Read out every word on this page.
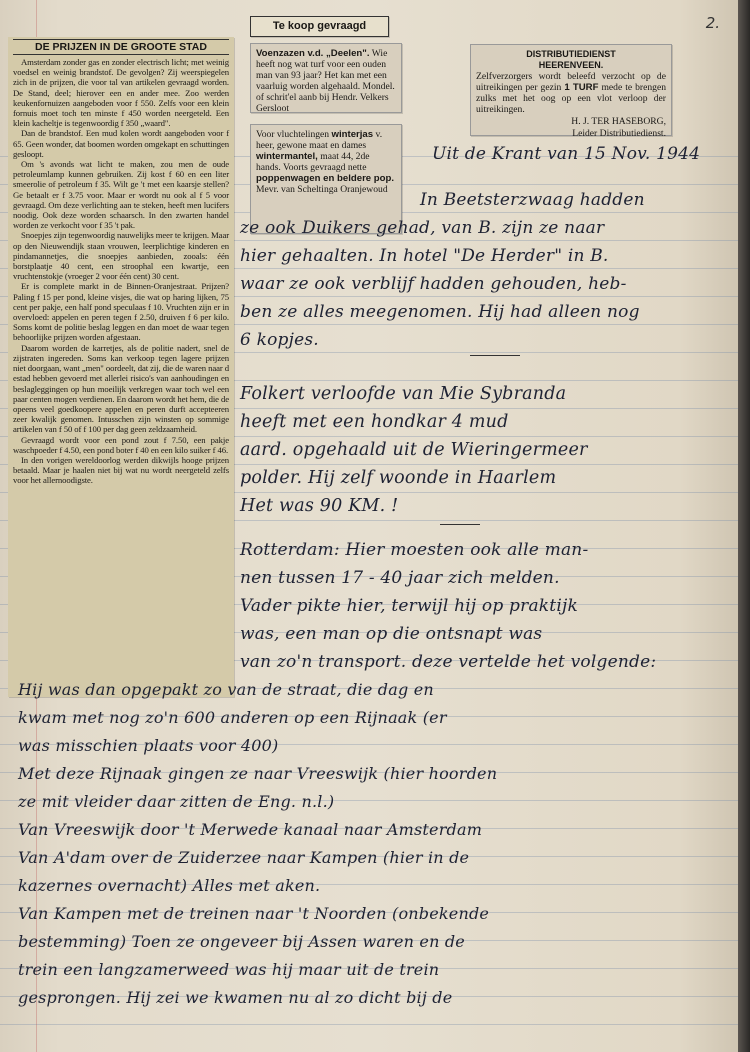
2.
DE PRIJZEN IN DE GROOTE STAD

Amsterdam zonder gas en zonder electrisch licht; met weinig voedsel en weinig brandstof. De gevolgen? Zij weerspiegelen zich in de prijzen, die voor tal van artikelen gevraagd worden. De Stand, deel; hierover een en ander mee. Zoo werden keukenfornuizen aangeboden voor f 550. Zelfs voor een klein fornuis moet toch ten minste f 450 worden neergeteld. Een klein kacheltje is tegenwoordig f 350 „waard".

Dan de brandstof. Een mud kolen wordt aangeboden voor f 65. Geen wonder, dat boomen worden omgekapt en schuttingen gesloopt.

Om 's avonds wat licht te maken, zou men de oude petroleumlamp kunnen gebruiken. Zij kost f 60 en een liter smeerolie of petroleum f 35. Wilt ge 't met een kaarsje stellen? Ge betaalt er f 3.75 voor. Maar er wordt nu ook al f 5 voor gevraagd. Om deze verlichting aan te steken, heeft men lucifers noodig. Ook deze worden schaarsch. In den zwarten handel worden ze verkocht voor f 35 't pak.

Snoepjes zijn tegenwoordig nauwelijks meer te krijgen. Maar op den Nieuwendijk staan vrouwen, leerplichtige kinderen en pindamannetjes, die snoepjes aanbieden, zooals: één borstplaatje 40 cent, een stroophal een kwartje, een vruchtenstokje (vroeger 2 voor één cent) 30 cent.

Er is complete markt in de Binnen-Oranjestraat. Prijzen? Paling f 15 per pond, kleine visjes, die wat op haring lijken, 75 cent per pakje, een half pond speculaas f 10. Vruchten zijn er in overvloed: appelen en peren tegen f 2.50, druiven f 6 per kilo. Soms komt de politie beslag leggen en dan moet de waar tegen behoorlijke prijzen worden afgestaan.

Daarom worden de karretjes, als de politie nadert, snel de zijstraten ingereden. Soms kan verkoop tegen lagere prijzen niet doorgaan, want „men" oordeelt, dat zij, die de waren naar d estad hebben gevoerd met allerlei risico's van aanhoudingen en beslagleggingen op hun moeilijk verkregen waar toch wel een paar centen mogen verdienen. En daarom wordt het hem, die de opeens veel goedkoopere appelen en peren durft accepteeren zeer kwalijk genomen. Intusschen zijn winsten op sommige artikelen van f 50 of f 100 per dag geen zeldzaamheid.

Gevraagd wordt voor een pond zout f 7.50, een pakje waschpoeder f 4.50, een pond boter f 40 en een kilo suiker f 46.

In den vorigen wereldoorlog werden dikwijls hooge prijzen betaald. Maar je haalen niet bij wat nu wordt neergeteld zelfs voor het allernoodigste.

Te koop gevraagd
Voenzazen v.d. „Deelen". Wie heeft nog wat turf voor een ouden man van 93 jaar? Het kan met een vaarluig worden algehaald. Mondel. of schrit'el aanb bij Hendr. Velkers Gersloot
Voor vluchtelingen winterjas v. heer, gewone maat en dames wintermantel, maat 44, 2de hands. Voorts gevraagd nette poppenwagen en beldere pop. Mevr. van Scheltinga Oranjewoud
DISTRIBUTIEDIENST
HEERENVEEN.
Zelfverzorgers wordt beleefd verzocht op de uitreikingen per gezin 1 TURF mede te brengen zulks met het oog op een vlot verloop der uitreikingen.
H. J. TER HASEBORG,
Leider Distributiedienst.
Uit de Krant van 15 Nov. 1944
In Beetsterzwaag hadden
ze ook Duikers gehad, van B. zijn ze naar
hier gehaalten. In hotel "De Herder" in B.
waar ze ook verblijf hadden gehouden, heb-
ben ze alles meegenomen. Hij had alleen nog
6 kopjes.
Folkert verloofde van Mie Sybranda
heeft met een hondkar 4 mud
aard. opgehaald uit de Wieringermeer
polder. Hij zelf woonde in Haarlem
Het was 90 KM. !
Rotterdam: Hier moesten ook alle man-
nen tussen 17 - 40 jaar zich melden.
Vader pikte hier, terwijl hij op praktijk
was, een man op die ontsnapt was
van zo'n transport. deze vertelde het volgende:
Hij was dan opgepakt zo van de straat, die dag en
kwam met nog zo'n 600 anderen op een Rijnaak (er
was misschien plaats voor 400)
Met deze Rijnaak gingen ze naar Vreeswijk (hier hoorden
ze mit vleider daar zitten de Eng. n.l.)
Van Vreeswijk door 't Merwede kanaal naar Amsterdam
Van A'dam over de Zuiderzee naar Kampen (hier in de
kazernes overnacht) Alles met aken.
Van Kampen met de treinen naar 't Noorden (onbekende
bestemming) Toen ze ongeveer bij Assen waren en de
trein een langzamerweed was hij maar uit de trein
gesprongen. Hij zei we kwamen nu al zo dicht bij de
